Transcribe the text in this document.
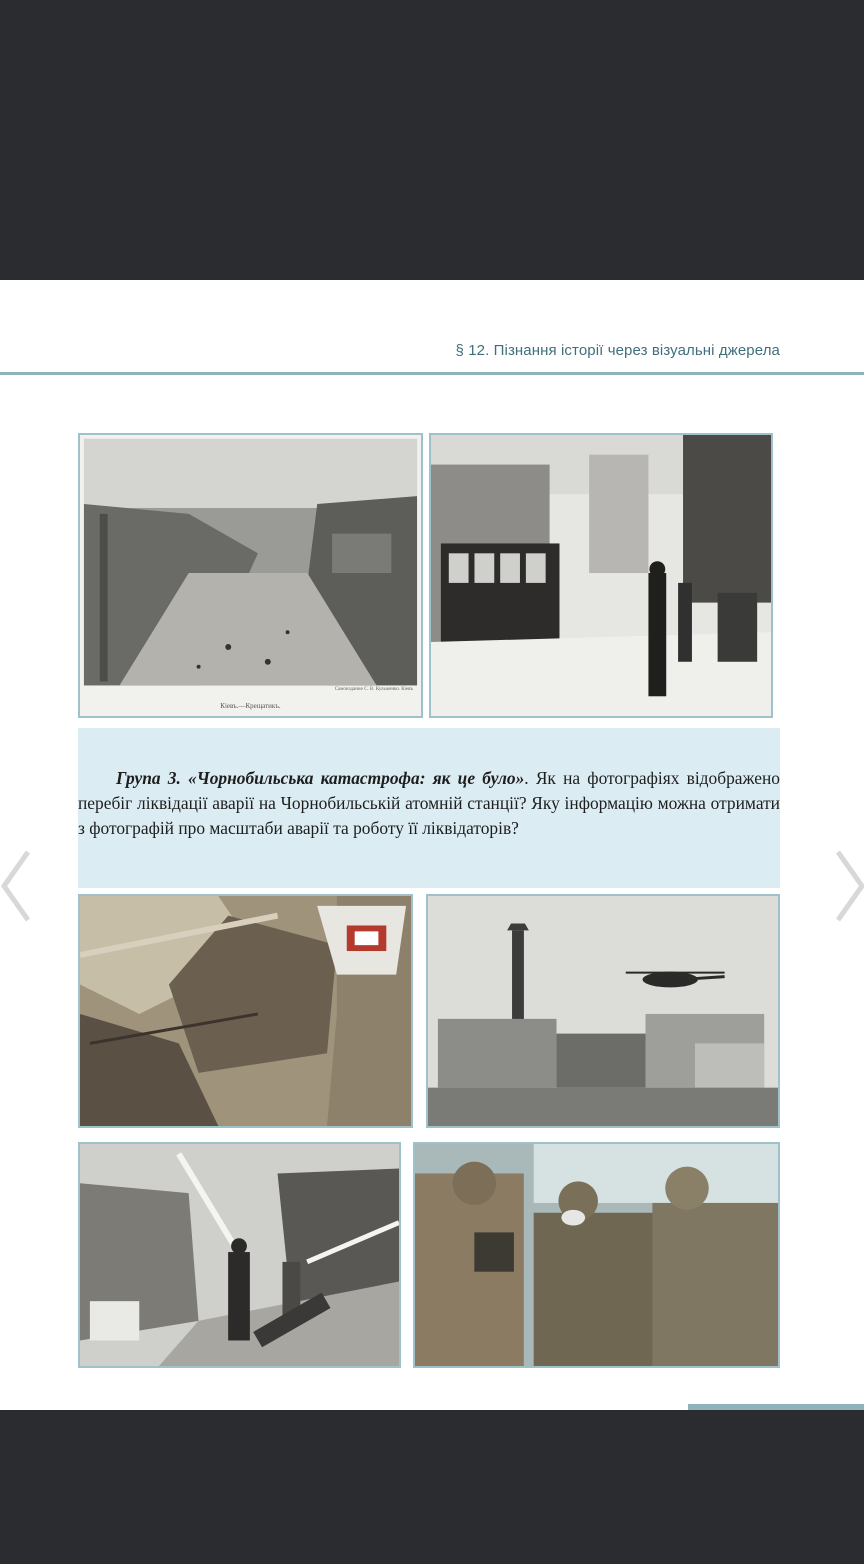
§ 12. Пізнання історії через візуальні джерела
Самоиздание С. В. Кульженко. Кіевъ
Кіевъ.—Крещатикъ.

Група 3. «Чорнобильська катастрофа: як це було». Як на фотографіях відображено перебіг ліквідації аварії на Чорнобильській атомній станції? Яку інформацію можна отримати з фотографій про масштаби аварії та роботу її ліквідаторів?
